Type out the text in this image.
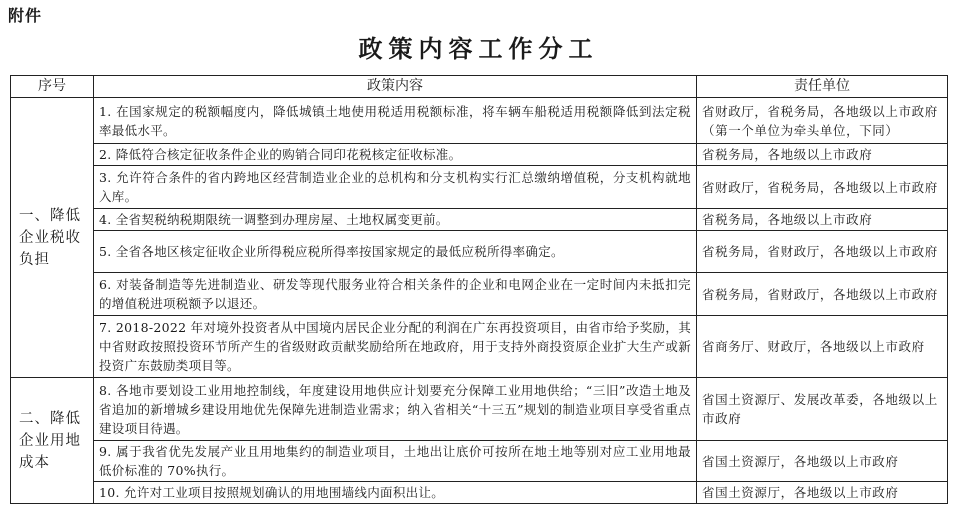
附件
政策内容工作分工
序号	政策内容	责任单位
一、降低企业税收负担	1. 在国家规定的税额幅度内，降低城镇土地使用税适用税额标准，将车辆车船税适用税额降低到法定税率最低水平。	省财政厅，省税务局，各地级以上市政府（第一个单位为牵头单位，下同）
	2. 降低符合核定征收条件企业的购销合同印花税核定征收标准。	省税务局，各地级以上市政府
	3. 允许符合条件的省内跨地区经营制造业企业的总机构和分支机构实行汇总缴纳增值税，分支机构就地入库。	省财政厅，省税务局，各地级以上市政府
	4. 全省契税纳税期限统一调整到办理房屋、土地权属变更前。	省税务局，各地级以上市政府
	5. 全省各地区核定征收企业所得税应税所得率按国家规定的最低应税所得率确定。	省税务局，省财政厅，各地级以上市政府
	6. 对装备制造等先进制造业、研发等现代服务业符合相关条件的企业和电网企业在一定时间内未抵扣完的增值税进项税额予以退还。	省税务局，省财政厅，各地级以上市政府
	7. 2018-2022 年对境外投资者从中国境内居民企业分配的利润在广东再投资项目，由省市给予奖励，其中省财政按照投资环节所产生的省级财政贡献奖励给所在地政府，用于支持外商投资原企业扩大生产或新投资广东鼓励类项目等。	省商务厅、财政厅，各地级以上市政府
二、降低企业用地成本	8. 各地市要划设工业用地控制线，年度建设用地供应计划要充分保障工业用地供给；“三旧”改造土地及省追加的新增城乡建设用地优先保障先进制造业需求；纳入省相关“十三五”规划的制造业项目享受省重点建设项目待遇。	省国土资源厅、发展改革委，各地级以上市政府
	9. 属于我省优先发展产业且用地集约的制造业项目，土地出让底价可按所在地土地等别对应工业用地最低价标准的 70%执行。	省国土资源厅，各地级以上市政府
	10. 允许对工业项目按照规划确认的用地围墙线内面积出让。	省国土资源厅，各地级以上市政府
